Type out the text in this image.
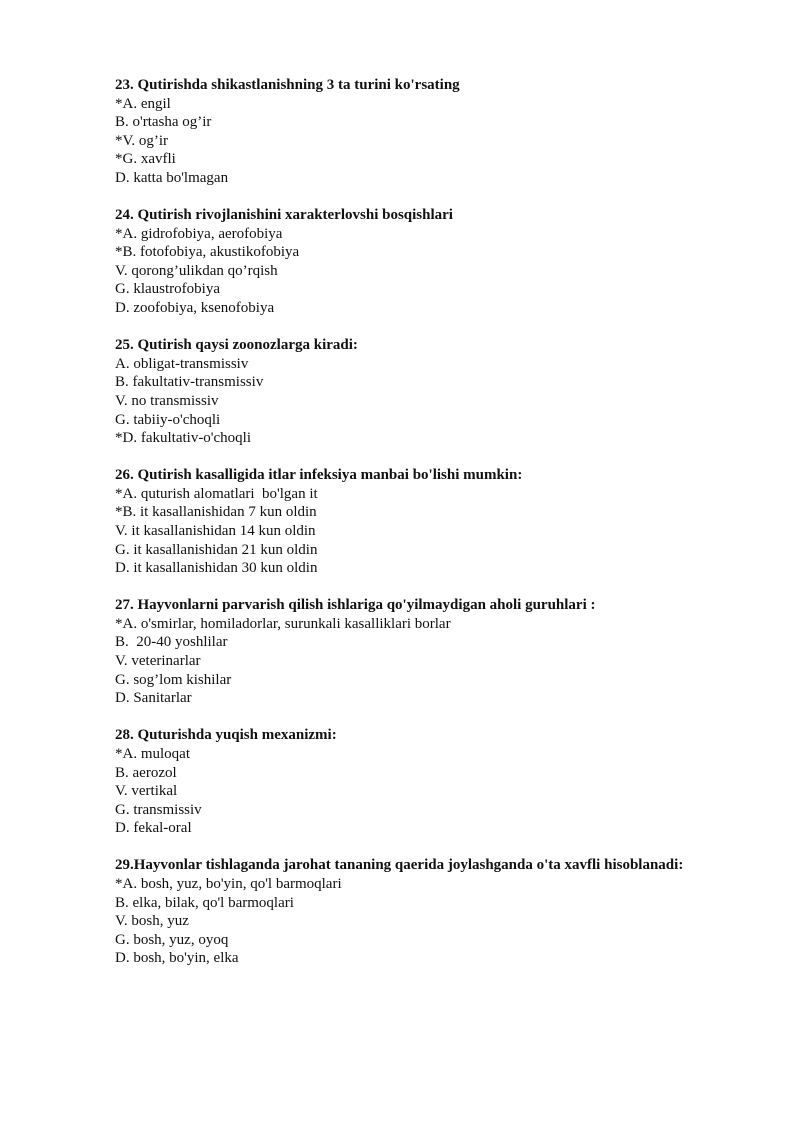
23. Qutirishda shikastlanishning 3 ta turini ko'rsating
*A. engil
B. o'rtasha og’ir
*V. og’ir
*G. xavfli
D. katta bo'lmagan
24. Qutirish rivojlanishini xarakterlovshi bosqishlari
*A. gidrofobiya, aerofobiya
*B. fotofobiya, akustikofobiya
V. qorong’ulikdan qo’rqish
G. klaustrofobiya
D. zoofobiya, ksenofobiya
25. Qutirish qaysi zoonozlarga kiradi:
A. obligat-transmissiv
B. fakultativ-transmissiv
V. no transmissiv
G. tabiiy-o'choqli
*D. fakultativ-o'choqli
26. Qutirish kasalligida itlar infeksiya manbai bo'lishi mumkin:
*A. quturish alomatlari  bo'lgan it
*B. it kasallanishidan 7 kun oldin
V. it kasallanishidan 14 kun oldin
G. it kasallanishidan 21 kun oldin
D. it kasallanishidan 30 kun oldin
27. Hayvonlarni parvarish qilish ishlariga qo'yilmaydigan aholi guruhlari :
*A. o'smirlar, homiladorlar, surunkali kasalliklari borlar
B.  20-40 yoshlilar
V. veterinarlar
G. sog’lom kishilar
D. Sanitarlar
28. Quturishda yuqish mexanizmi:
*A. muloqat
B. aerozol
V. vertikal
G. transmissiv
D. fekal-oral
29.Hayvonlar tishlaganda jarohat tananing qaerida joylashganda o'ta xavfli hisoblanadi:
*A. bosh, yuz, bo'yin, qo'l barmoqlari
B. elka, bilak, qo'l barmoqlari
V. bosh, yuz
G. bosh, yuz, oyoq
D. bosh, bo'yin, elka
